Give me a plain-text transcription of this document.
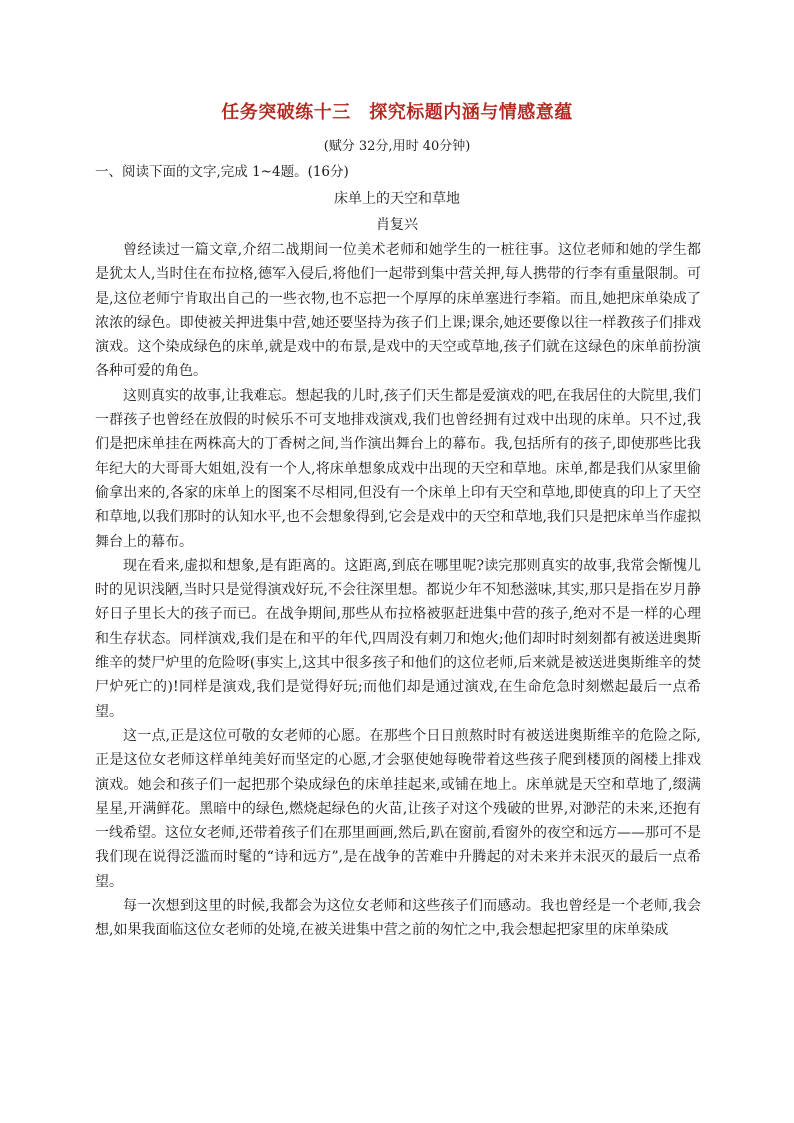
任务突破练十三　探究标题内涵与情感意蕴
(赋分 32分,用时 40分钟)
一、阅读下面的文字,完成 1~4题。(16分)
床单上的天空和草地
肖复兴

曾经读过一篇文章,介绍二战期间一位美术老师和她学生的一桩往事。这位老师和她的学生都是犹太人,当时住在布拉格,德军入侵后,将他们一起带到集中营关押,每人携带的行李有重量限制。可是,这位老师宁肯取出自己的一些衣物,也不忘把一个厚厚的床单塞进行李箱。而且,她把床单染成了浓浓的绿色。即使被关押进集中营,她还要坚持为孩子们上课;课余,她还要像以往一样教孩子们排戏演戏。这个染成绿色的床单,就是戏中的布景,是戏中的天空或草地,孩子们就在这绿色的床单前扮演各种可爱的角色。

这则真实的故事,让我难忘。想起我的儿时,孩子们天生都是爱演戏的吧,在我居住的大院里,我们一群孩子也曾经在放假的时候乐不可支地排戏演戏,我们也曾经拥有过戏中出现的床单。只不过,我们是把床单挂在两株高大的丁香树之间,当作演出舞台上的幕布。我,包括所有的孩子,即使那些比我年纪大的大哥哥大姐姐,没有一个人,将床单想象成戏中出现的天空和草地。床单,都是我们从家里偷偷拿出来的,各家的床单上的图案不尽相同,但没有一个床单上印有天空和草地,即使真的印上了天空和草地,以我们那时的认知水平,也不会想象得到,它会是戏中的天空和草地,我们只是把床单当作虚拟舞台上的幕布。

现在看来,虚拟和想象,是有距离的。这距离,到底在哪里呢?读完那则真实的故事,我常会惭愧儿时的见识浅陋,当时只是觉得演戏好玩,不会往深里想。都说少年不知愁滋味,其实,那只是指在岁月静好日子里长大的孩子而已。在战争期间,那些从布拉格被驱赶进集中营的孩子,绝对不是一样的心理和生存状态。同样演戏,我们是在和平的年代,四周没有刺刀和炮火;他们却时时刻刻都有被送进奥斯维辛的焚尸炉里的危险呀(事实上,这其中很多孩子和他们的这位老师,后来就是被送进奥斯维辛的焚尸炉死亡的)!同样是演戏,我们是觉得好玩;而他们却是通过演戏,在生命危急时刻燃起最后一点希望。

这一点,正是这位可敬的女老师的心愿。在那些个日日煎熬时时有被送进奥斯维辛的危险之际,正是这位女老师这样单纯美好而坚定的心愿,才会驱使她每晚带着这些孩子爬到楼顶的阁楼上排戏演戏。她会和孩子们一起把那个染成绿色的床单挂起来,或铺在地上。床单就是天空和草地了,缀满星星,开满鲜花。黑暗中的绿色,燃烧起绿色的火苗,让孩子对这个残破的世界,对渺茫的未来,还抱有一线希望。这位女老师,还带着孩子们在那里画画,然后,趴在窗前,看窗外的夜空和远方——那可不是我们现在说得泛滥而时髦的“诗和远方”,是在战争的苦难中升腾起的对未来并未泯灭的最后一点希望。

每一次想到这里的时候,我都会为这位女老师和这些孩子们而感动。我也曾经是一个老师,我会想,如果我面临这位女老师的处境,在被关进集中营之前的匆忙之中,我会想起把家里的床单染成
